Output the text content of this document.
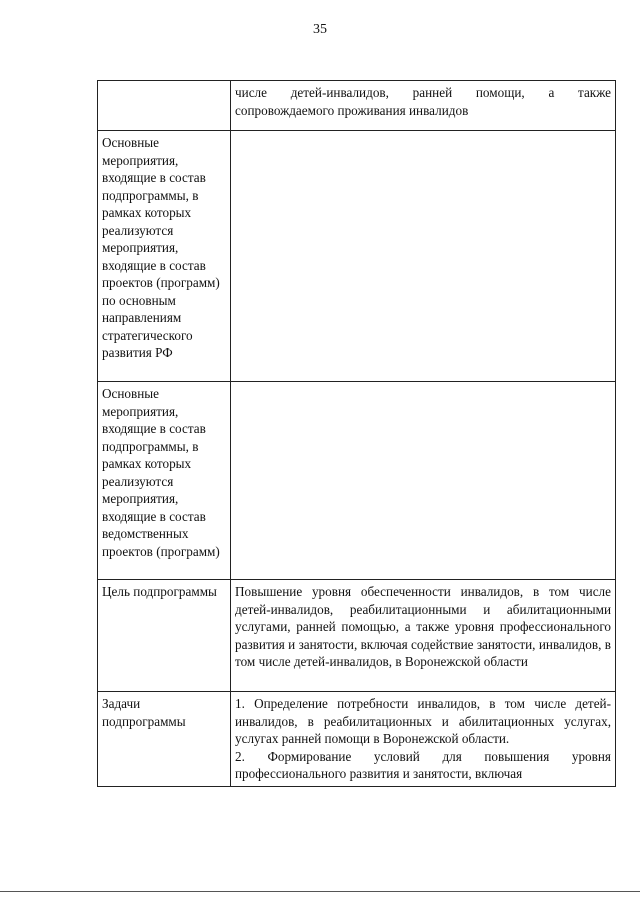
35

	числе детей-инвалидов, ранней помощи, а также сопровождаемого проживания инвалидов

Основные мероприятия, входящие в состав подпрограммы, в рамках которых реализуются мероприятия, входящие в состав проектов (программ) по основным направлениям стратегического развития РФ	
Основные мероприятия, входящие в состав подпрограммы, в рамках которых реализуются мероприятия, входящие в состав ведомственных проектов (программ)	
Цель подпрограммы	Повышение уровня обеспеченности инвалидов, в том числе детей-инвалидов, реабилитационными и абилитационными услугами, ранней помощью, а также уровня профессионального развития и занятости, включая содействие занятости, инвалидов, в том числе детей-инвалидов, в Воронежской области

Задачи подпрограммы	1. Определение потребности инвалидов, в том числе детей-инвалидов, в реабилитационных и абилитационных услугах, услугах ранней помощи в Воронежской области.
2. Формирование условий для повышения уровня профессионального развития и занятости, включая
